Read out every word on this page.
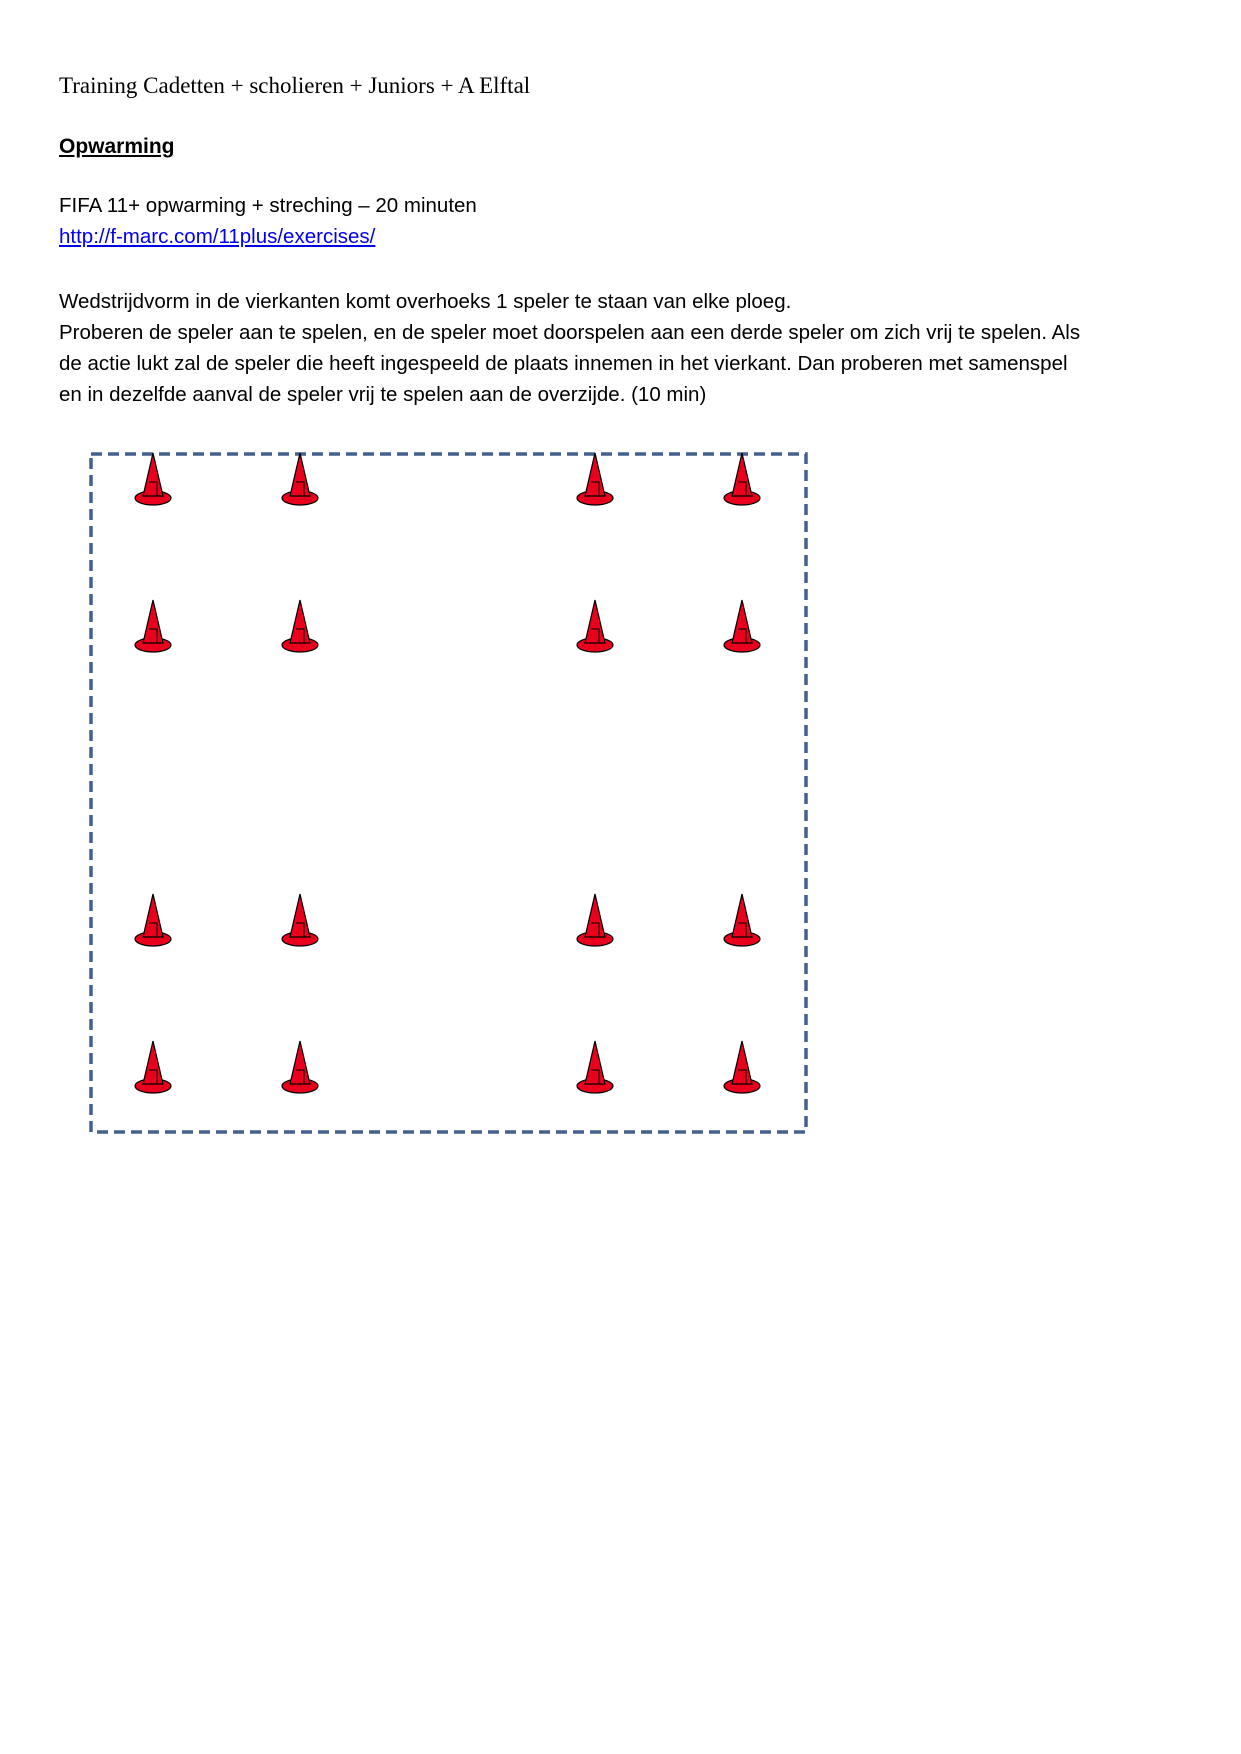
Training Cadetten + scholieren + Juniors + A Elftal
Opwarming
FIFA 11+ opwarming + streching – 20 minuten
http://f-marc.com/11plus/exercises/

Wedstrijdvorm in de vierkanten komt overhoeks 1 speler te staan van elke ploeg.

Proberen de speler aan te spelen, en de speler moet doorspelen aan een derde speler om zich vrij te spelen. Als

de actie lukt zal de speler die heeft ingespeeld de plaats innemen in het vierkant. Dan proberen met samenspel

en in dezelfde aanval de speler vrij te spelen aan de overzijde. (10 min)
